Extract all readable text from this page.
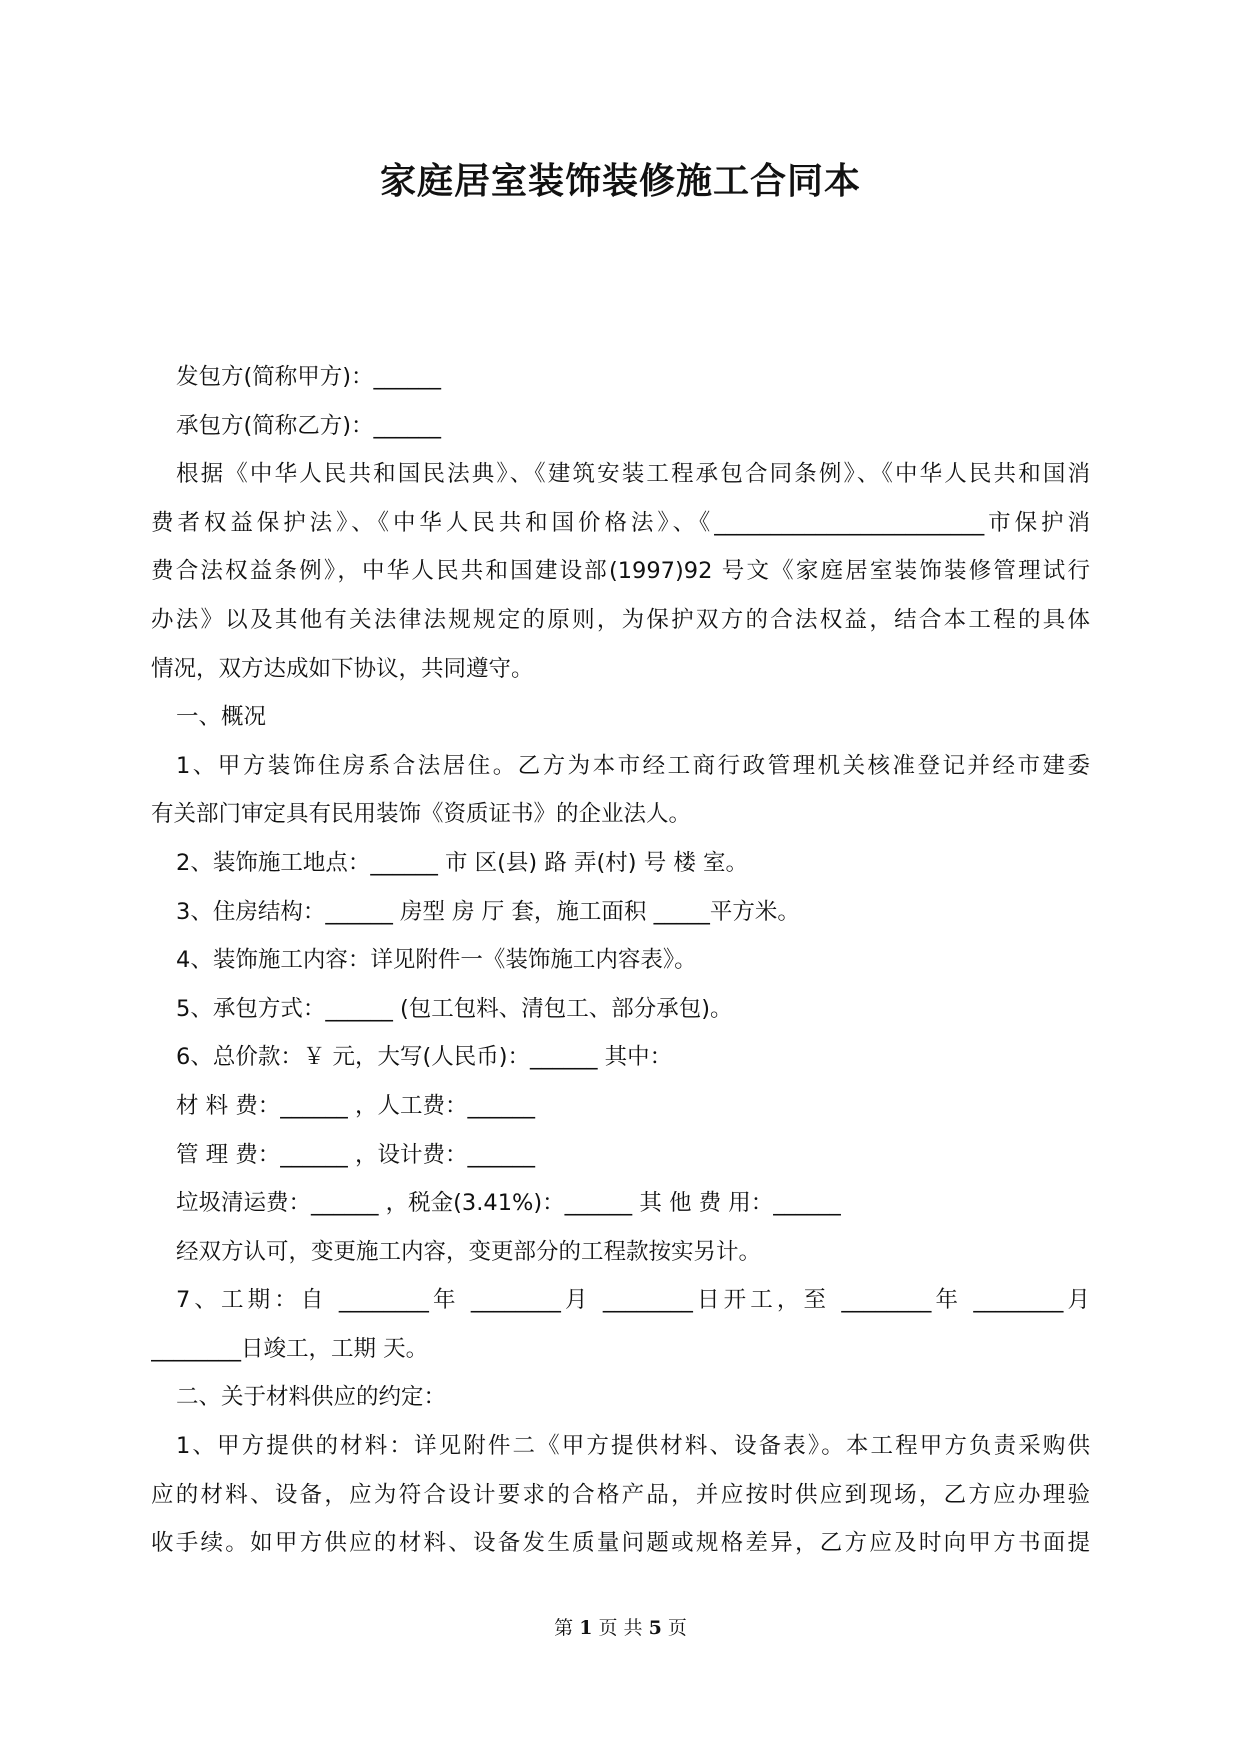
家庭居室装饰装修施工合同本
发包方(简称甲方)：______
承包方(简称乙方)：______
根据《中华人民共和国民法典》、《建筑安装工程承包合同条例》、《中华人民共和国消
费者权益保护法》、《中华人民共和国价格法》、《________________________市保护消
费合法权益条例》，中华人民共和国建设部(1997)92 号文《家庭居室装饰装修管理试行
办法》以及其他有关法律法规规定的原则，为保护双方的合法权益，结合本工程的具体
情况，双方达成如下协议，共同遵守。
一、概况
1、甲方装饰住房系合法居住。乙方为本市经工商行政管理机关核准登记并经市建委
有关部门审定具有民用装饰《资质证书》的企业法人。
2、装饰施工地点：______ 市 区(县) 路 弄(村) 号 楼 室。
3、住房结构：______ 房型 房 厅 套，施工面积 _____平方米。
4、装饰施工内容：详见附件一《装饰施工内容表》。
5、承包方式：______ (包工包料、清包工、部分承包)。
6、总价款：￥ 元，大写(人民币)：______ 其中：
材 料 费：______ ，人工费：______
管 理 费：______ ，设计费：______
垃圾清运费：______ ，税金(3.41%)：______ 其 他 费 用：______
经双方认可，变更施工内容，变更部分的工程款按实另计。
7、工期：自 ________年 ________月 ________日开工，至 ________年 ________月
________日竣工，工期 天。
二、关于材料供应的约定：
1、甲方提供的材料：详见附件二《甲方提供材料、设备表》。本工程甲方负责采购供
应的材料、设备，应为符合设计要求的合格产品，并应按时供应到现场，乙方应办理验
收手续。如甲方供应的材料、设备发生质量问题或规格差异，乙方应及时向甲方书面提
第 1 页 共 5 页
